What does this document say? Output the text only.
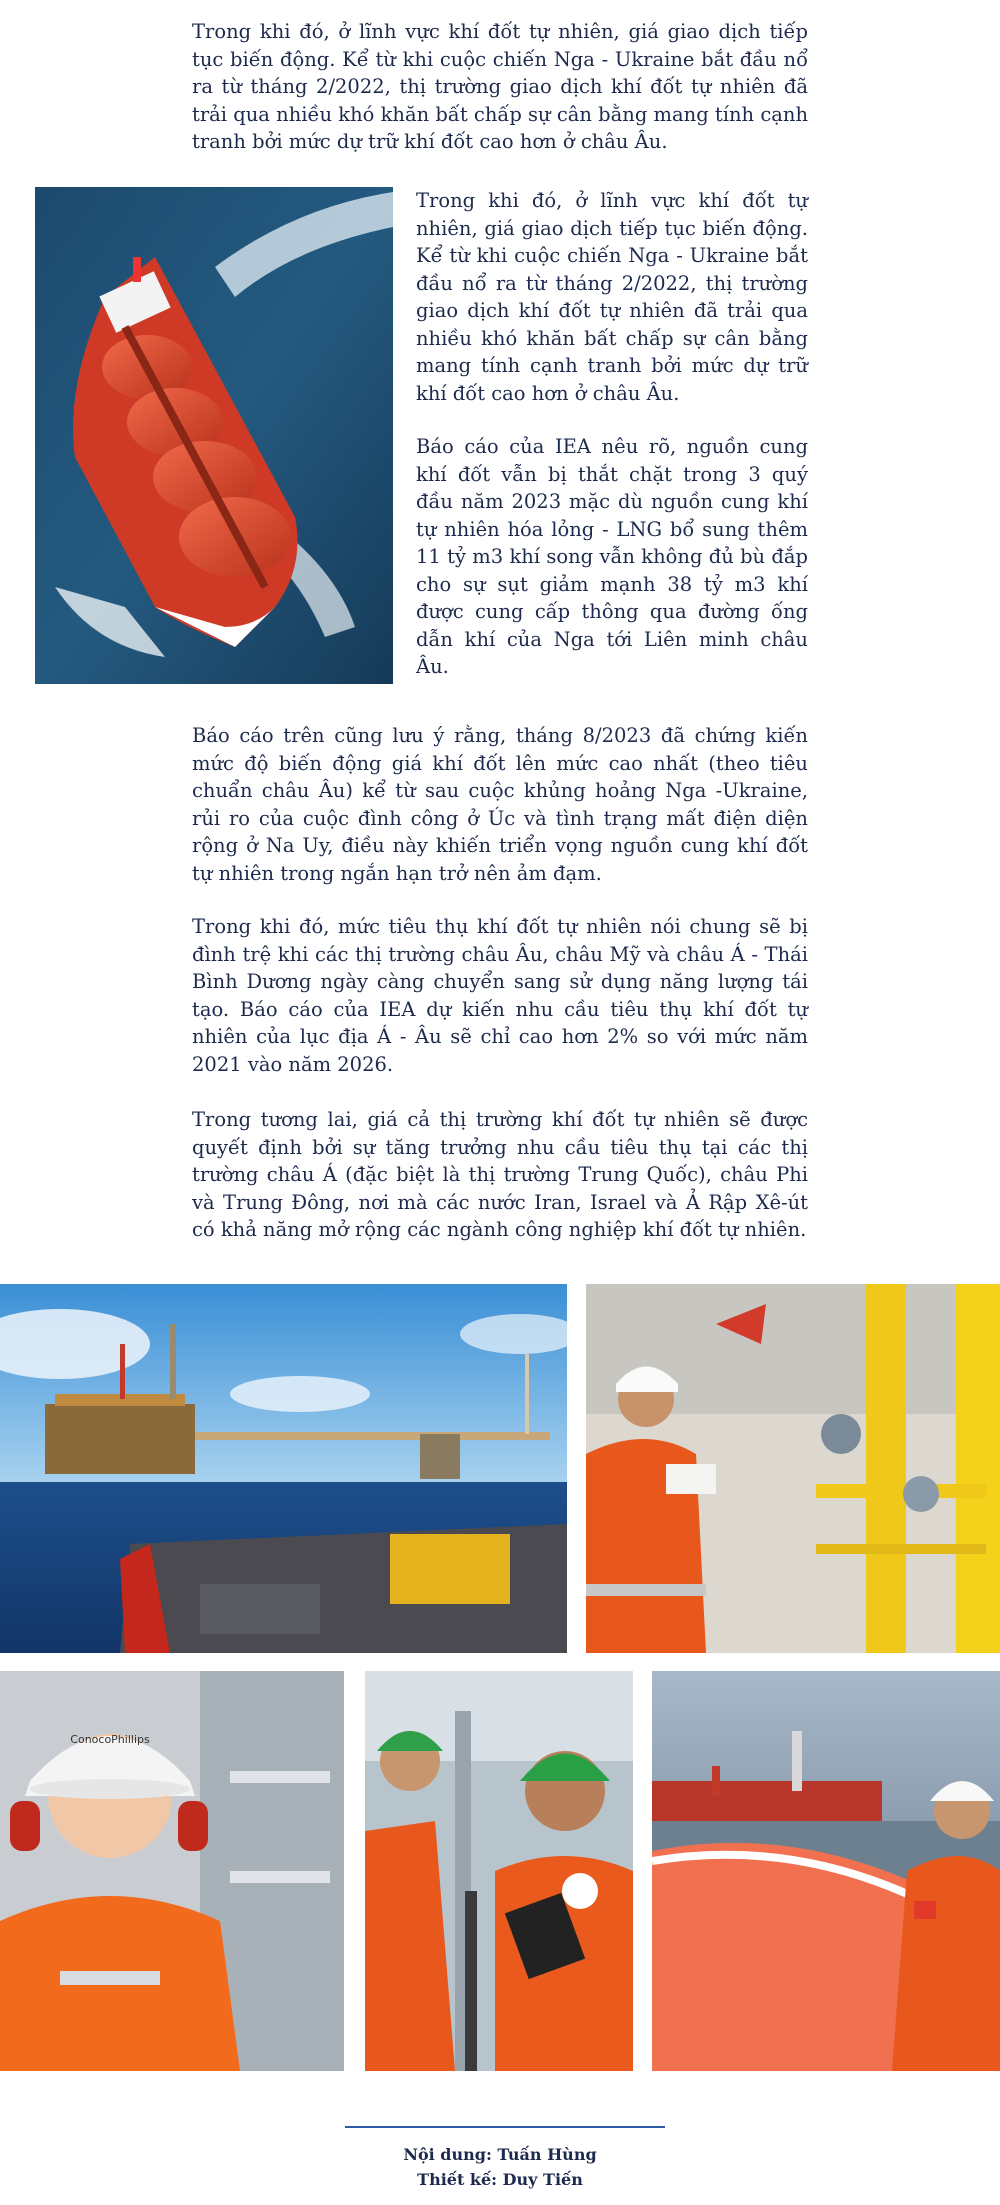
Trong khi đó, ở lĩnh vực khí đốt tự nhiên, giá giao dịch tiếp tục biến động. Kể từ khi cuộc chiến Nga - Ukraine bắt đầu nổ ra từ tháng 2/2022, thị trường giao dịch khí đốt tự nhiên đã trải qua nhiều khó khăn bất chấp sự cân bằng mang tính cạnh tranh bởi mức dự trữ khí đốt cao hơn ở châu Âu.

Trong khi đó, ở lĩnh vực khí đốt tự nhiên, giá giao dịch tiếp tục biến động. Kể từ khi cuộc chiến Nga - Ukraine bắt đầu nổ ra từ tháng 2/2022, thị trường giao dịch khí đốt tự nhiên đã trải qua nhiều khó khăn bất chấp sự cân bằng mang tính cạnh tranh bởi mức dự trữ khí đốt cao hơn ở châu Âu.

Báo cáo của IEA nêu rõ, nguồn cung khí đốt vẫn bị thắt chặt trong 3 quý đầu năm 2023 mặc dù nguồn cung khí tự nhiên hóa lỏng - LNG bổ sung thêm 11 tỷ m3 khí song vẫn không đủ bù đắp cho sự sụt giảm mạnh 38 tỷ m3 khí được cung cấp thông qua đường ống dẫn khí của Nga tới Liên minh châu Âu.

Báo cáo trên cũng lưu ý rằng, tháng 8/2023 đã chứng kiến mức độ biến động giá khí đốt lên mức cao nhất (theo tiêu chuẩn châu Âu) kể từ sau cuộc khủng hoảng Nga -Ukraine, rủi ro của cuộc đình công ở Úc và tình trạng mất điện diện rộng ở Na Uy, điều này khiến triển vọng nguồn cung khí đốt tự nhiên trong ngắn hạn trở nên ảm đạm.

Trong khi đó, mức tiêu thụ khí đốt tự nhiên nói chung sẽ bị đình trệ khi các thị trường châu Âu, châu Mỹ và châu Á - Thái Bình Dương ngày càng chuyển sang sử dụng năng lượng tái tạo. Báo cáo của IEA dự kiến nhu cầu tiêu thụ khí đốt tự nhiên của lục địa Á - Âu sẽ chỉ cao hơn 2% so với mức năm 2021 vào năm 2026.

Trong tương lai, giá cả thị trường khí đốt tự nhiên sẽ được quyết định bởi sự tăng trưởng nhu cầu tiêu thụ tại các thị trường châu Á (đặc biệt là thị trường Trung Quốc), châu Phi và Trung Đông, nơi mà các nước Iran, Israel và Ả Rập Xê-út có khả năng mở rộng các ngành công nghiệp khí đốt tự nhiên.

ConocoPhillips

Nội dung: Tuấn Hùng

Thiết kế: Duy Tiến
